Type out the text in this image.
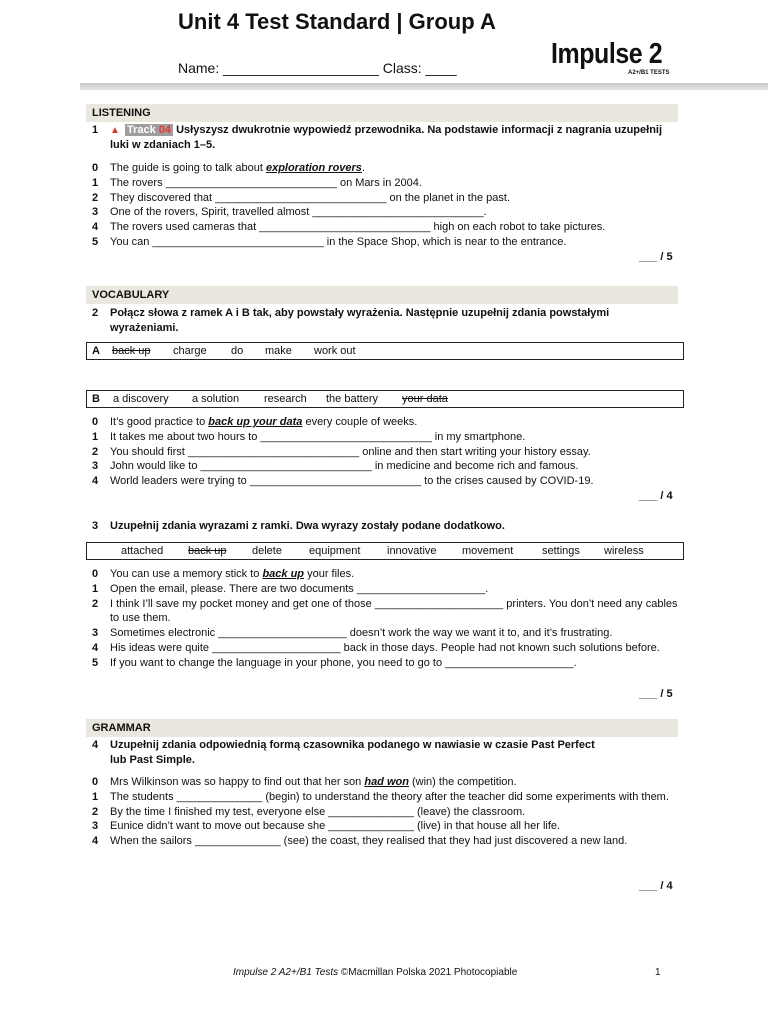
Unit 4 Test Standard | Group A
Name: ____________________ Class: ____	Impulse 2
A2+/B1 TESTS
LISTENING
1 ▲ Track 04 Usłyszysz dwukrotnie wypowiedź przewodnika. Na podstawie informacji z nagrania uzupełnij
luki w zdaniach 1–5.
0 The guide is going to talk about exploration rovers.
1 The rovers ____________________________ on Mars in 2004.
2 They discovered that ____________________________ on the planet in the past.
3 One of the rovers, Spirit, travelled almost ____________________________.
4 The rovers used cameras that ____________________________ high on each robot to take pictures.
5 You can ____________________________ in the Space Shop, which is near to the entrance.
___ / 5
VOCABULARY
2 Połącz słowa z ramek A i B tak, aby powstały wyrażenia. Następnie uzupełnij zdania powstałymi
wyrażeniami.
A back up charge do make work out
B a discovery a solution research the battery your data
0 It’s good practice to back up your data every couple of weeks.
1 It takes me about two hours to ____________________________ in my smartphone.
2 You should first ____________________________ online and then start writing your history essay.
3 John would like to ____________________________ in medicine and become rich and famous.
4 World leaders were trying to ____________________________ to the crises caused by COVID-19.
___ / 4
3 Uzupełnij zdania wyrazami z ramki. Dwa wyrazy zostały podane dodatkowo.
attached back up delete equipment innovative movement	settings wireless
0 You can use a memory stick to back up your files.
1 Open the email, please. There are two documents _____________________.
2 I think I’ll save my pocket money and get one of those _____________________ printers. You don’t need any cables to use them.
3 Sometimes electronic _____________________ doesn’t work the way we want it to, and it’s frustrating.
4 His ideas were quite _____________________ back in those days. People had not known such solutions before.
5 If you want to change the language in your phone, you need to go to _____________________.
___ / 5
GRAMMAR
4 Uzupełnij zdania odpowiednią formą czasownika podanego w nawiasie w czasie Past Perfect
lub Past Simple.
0 Mrs Wilkinson was so happy to find out that her son had won (win) the competition.
1 The students ______________ (begin) to understand the theory after the teacher did some experiments with them.
2 By the time I finished my test, everyone else ______________ (leave) the classroom.
3 Eunice didn’t want to move out because she ______________ (live) in that house all her life.
4 When the sailors ______________ (see) the coast, they realised that they had just discovered a new land.
___ / 4
Impulse 2 A2+/B1 Tests ©Macmillan Polska 2021 Photocopiable	1
